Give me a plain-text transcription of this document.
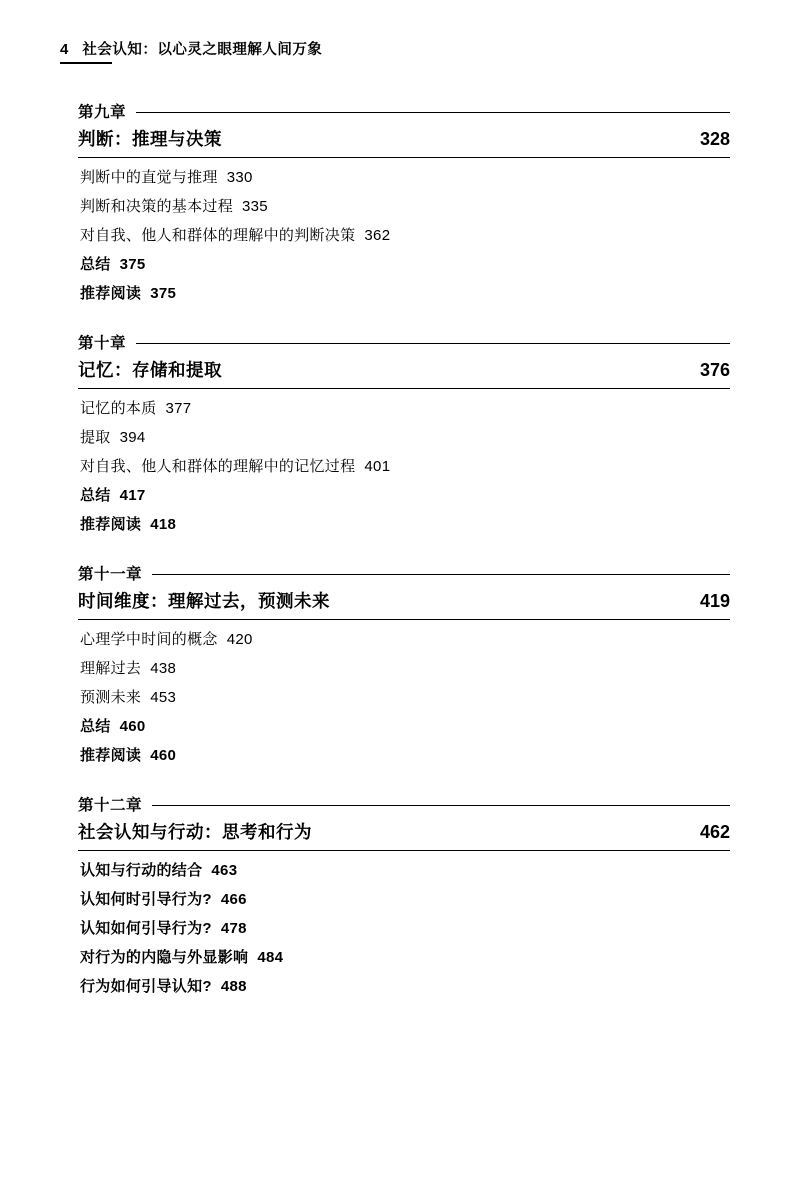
4 社会认知：以心灵之眼理解人间万象
第九章
判断：推理与决策	328

判断中的直觉与推理 330

判断和决策的基本过程 335

对自我、他人和群体的理解中的判断决策 362

总结 375

推荐阅读 375

第十章
记忆：存储和提取	376

记忆的本质 377

提取 394

对自我、他人和群体的理解中的记忆过程 401

总结 417

推荐阅读 418

第十一章
时间维度：理解过去，预测未来	419

心理学中时间的概念 420

理解过去 438

预测未来 453

总结 460

推荐阅读 460

第十二章
社会认知与行动：思考和行为	462

认知与行动的结合 463

认知何时引导行为? 466

认知如何引导行为? 478

对行为的内隐与外显影响 484

行为如何引导认知? 488
